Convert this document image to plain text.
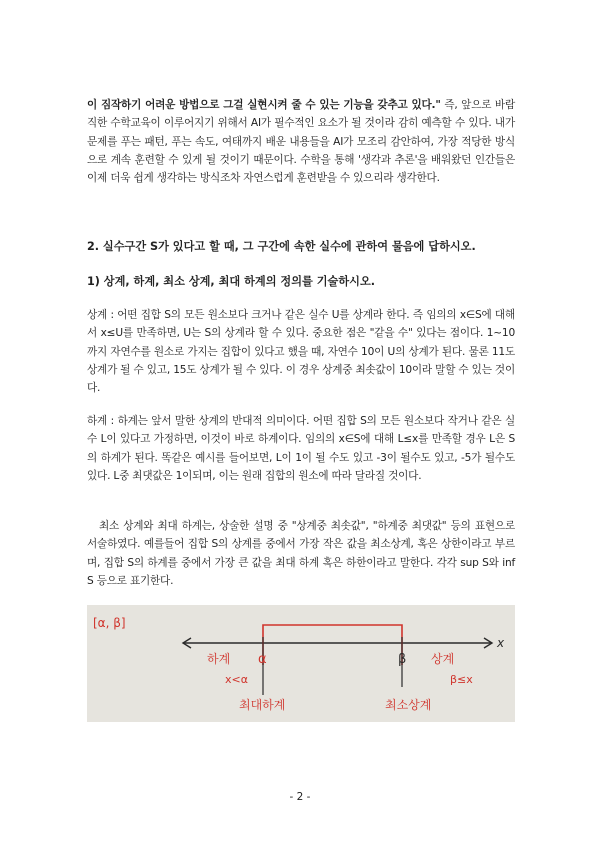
이 짐작하기 어려운 방법으로 그걸 실현시켜 줄 수 있는 기능을 갖추고 있다." 즉, 앞으로 바람직한 수학교육이 이루어지기 위해서 AI가 필수적인 요소가 될 것이라 감히 예측할 수 있다. 내가 문제를 푸는 패턴, 푸는 속도, 여태까지 배운 내용들을 AI가 모조리 감안하여, 가장 적당한 방식으로 계속 훈련할 수 있게 될 것이기 때문이다. 수학을 통해 '생각과 추론'을 배워왔던 인간들은 이제 더욱 쉽게 생각하는 방식조차 자연스럽게 훈련받을 수 있으리라 생각한다.

2. 실수구간 S가 있다고 할 때, 그 구간에 속한 실수에 관하여 물음에 답하시오.
1) 상계, 하계, 최소 상계, 최대 하계의 정의를 기술하시오.

상계 : 어떤 집합 S의 모든 원소보다 크거나 같은 실수 U를 상계라 한다. 즉 임의의 x∈S에 대해서 x≤U를 만족하면, U는 S의 상계라 할 수 있다. 중요한 점은 "같을 수" 있다는 점이다. 1~10까지 자연수를 원소로 가지는 집합이 있다고 했을 때, 자연수 10이 U의 상계가 된다. 물론 11도 상계가 될 수 있고, 15도 상계가 될 수 있다. 이 경우 상계중 최솟값이 10이라 말할 수 있는 것이다.

하계 : 하계는 앞서 말한 상계의 반대적 의미이다. 어떤 집합 S의 모든 원소보다 작거나 같은 실수 L이 있다고 가정하면, 이것이 바로 하계이다. 임의의 x∈S에 대해 L≤x를 만족할 경우 L은 S의 하계가 된다. 똑같은 예시를 들어보면, L이 1이 될 수도 있고 -3이 될수도 있고, -5가 될수도 있다. L중 최댓값은 1이되며, 이는 원래 집합의 원소에 따라 달라질 것이다.

최소 상계와 최대 하계는, 상술한 설명 중 "상계중 최솟값", "하계중 최댓값" 등의 표현으로 서술하였다. 예를들어 집합 S의 상계를 중에서 가장 작은 값을 최소상계, 혹은 상한이라고 부르며, 집합 S의 하계를 중에서 가장 큰 값을 최대 하계 혹은 하한이라고 말한다. 각각 sup S와 inf S 등으로 표기한다.

[α, β]
x
α	β
하계
x<α
최대하계
상계
β≤x
최소상계
- 2 -
